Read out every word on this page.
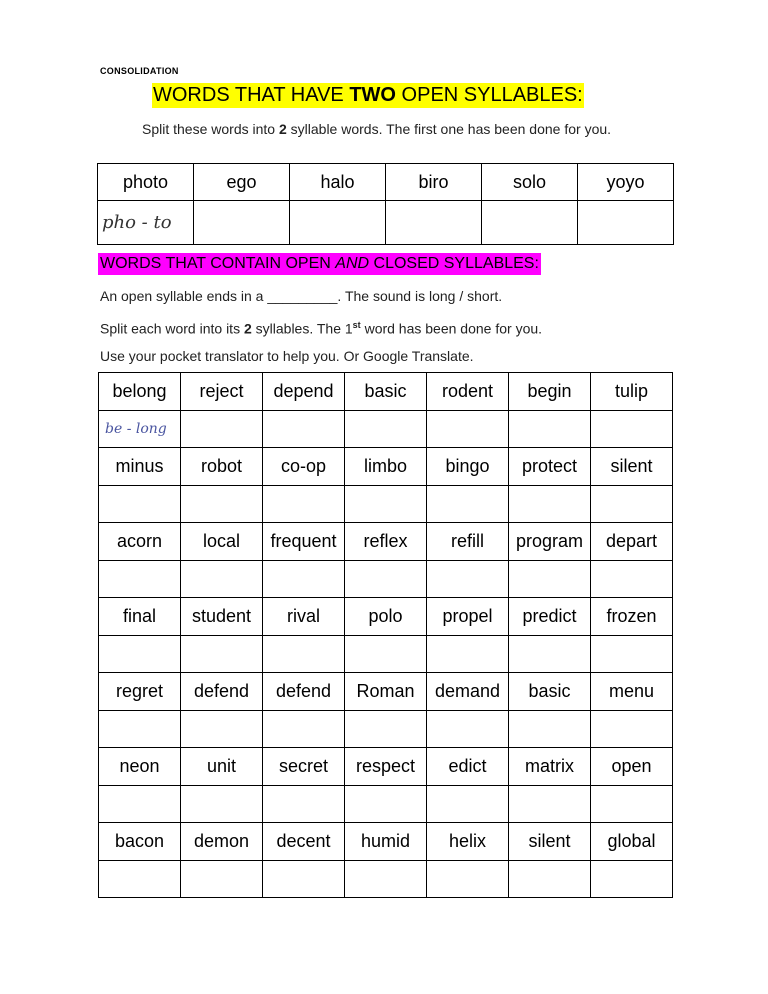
CONSOLIDATION
WORDS THAT HAVE TWO OPEN SYLLABLES:
Split these words into 2 syllable words. The first one has been done for you.
photo	ego	halo	biro	solo	yoyo
pho - to					
WORDS THAT CONTAIN OPEN AND CLOSED SYLLABLES:
An open syllable ends in a _________. The sound is long / short.
Split each word into its 2 syllables. The 1st word has been done for you.
Use your pocket translator to help you. Or Google Translate.
belong	reject	depend	basic	rodent	begin	tulip
be - long						
minus	robot	co-op	limbo	bingo	protect	silent

acorn	local	frequent	reflex	refill	program	depart

final	student	rival	polo	propel	predict	frozen

regret	defend	defend	Roman	demand	basic	menu

neon	unit	secret	respect	edict	matrix	open

bacon	demon	decent	humid	helix	silent	global
